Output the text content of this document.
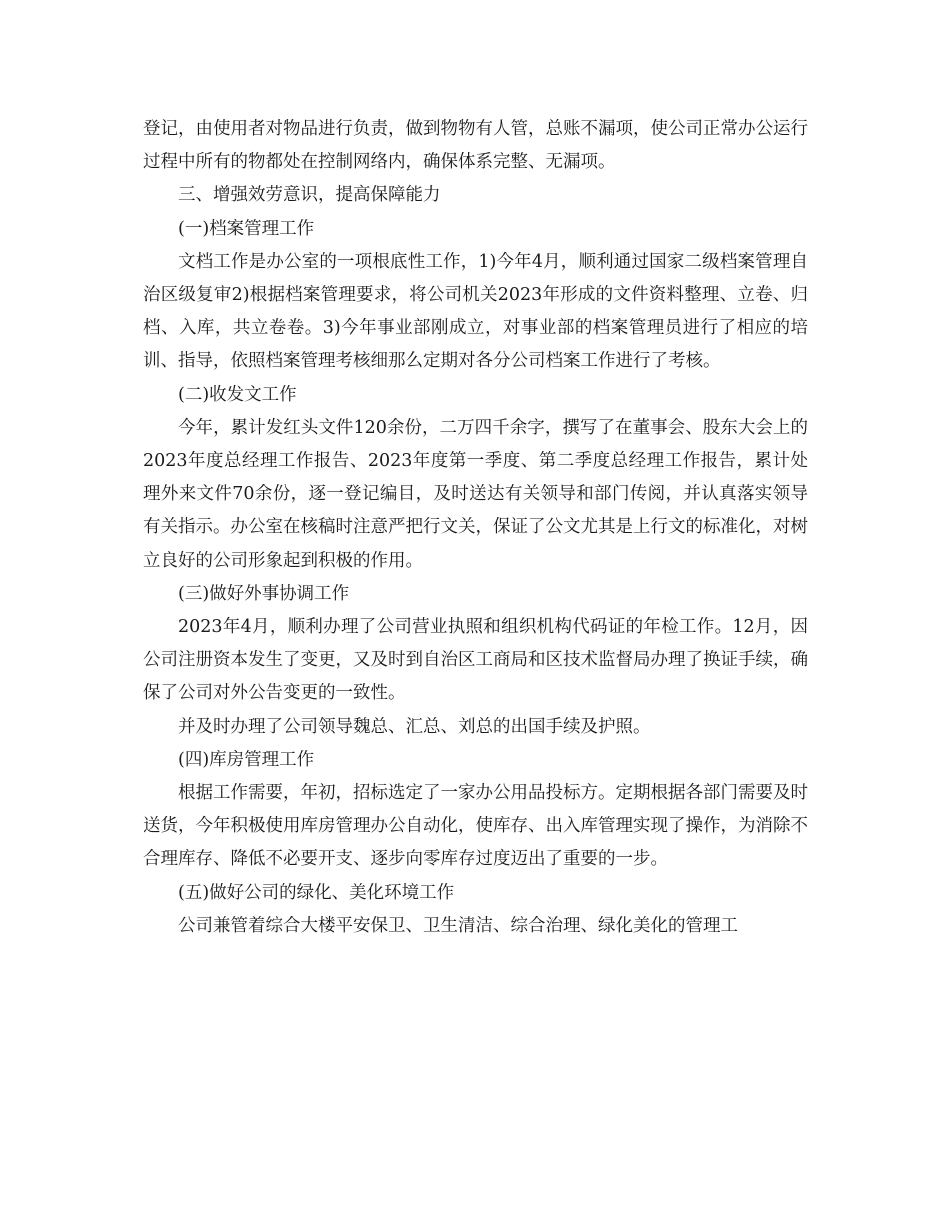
登记，由使用者对物品进行负责，做到物物有人管，总账不漏项，使公司正常办公运行过程中所有的物都处在控制网络内，确保体系完整、无漏项。

三、增强效劳意识，提高保障能力

(一)档案管理工作

文档工作是办公室的一项根底性工作，1)今年4月，顺利通过国家二级档案管理自治区级复审2)根据档案管理要求，将公司机关2023年形成的文件资料整理、立卷、归档、入库，共立卷卷。3)今年事业部刚成立，对事业部的档案管理员进行了相应的培训、指导，依照档案管理考核细那么定期对各分公司档案工作进行了考核。

(二)收发文工作

今年，累计发红头文件120余份，二万四千余字，撰写了在董事会、股东大会上的2023年度总经理工作报告、2023年度第一季度、第二季度总经理工作报告，累计处理外来文件70余份，逐一登记编目，及时送达有关领导和部门传阅，并认真落实领导有关指示。办公室在核稿时注意严把行文关，保证了公文尤其是上行文的标准化，对树立良好的公司形象起到积极的作用。

(三)做好外事协调工作

2023年4月，顺利办理了公司营业执照和组织机构代码证的年检工作。12月，因公司注册资本发生了变更，又及时到自治区工商局和区技术监督局办理了换证手续，确保了公司对外公告变更的一致性。

并及时办理了公司领导魏总、汇总、刘总的出国手续及护照。

(四)库房管理工作

根据工作需要，年初，招标选定了一家办公用品投标方。定期根据各部门需要及时送货，今年积极使用库房管理办公自动化，使库存、出入库管理实现了操作，为消除不合理库存、降低不必要开支、逐步向零库存过度迈出了重要的一步。

(五)做好公司的绿化、美化环境工作

公司兼管着综合大楼平安保卫、卫生清洁、综合治理、绿化美化的管理工
